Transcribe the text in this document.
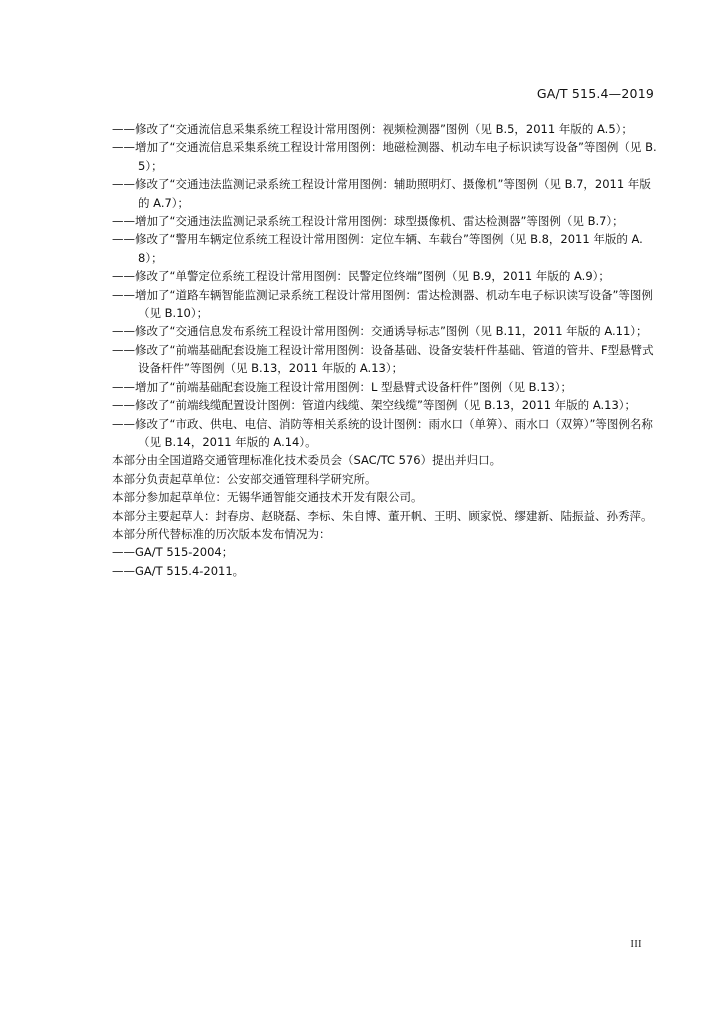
GA/T 515.4—2019
——修改了“交通流信息采集系统工程设计常用图例：视频检测器”图例（见 B.5，2011 年版的 A.5）；
——增加了“交通流信息采集系统工程设计常用图例：地磁检测器、机动车电子标识读写设备”等图例（见 B.5）；
——修改了“交通违法监测记录系统工程设计常用图例：辅助照明灯、摄像机”等图例（见 B.7，2011 年版的 A.7）；
——增加了“交通违法监测记录系统工程设计常用图例：球型摄像机、雷达检测器”等图例（见 B.7）；
——修改了“警用车辆定位系统工程设计常用图例：定位车辆、车载台”等图例（见 B.8，2011 年版的 A.8）；
——修改了“单警定位系统工程设计常用图例：民警定位终端”图例（见 B.9，2011 年版的 A.9）；
——增加了“道路车辆智能监测记录系统工程设计常用图例：雷达检测器、机动车电子标识读写设备”等图例（见 B.10）；
——修改了“交通信息发布系统工程设计常用图例：交通诱导标志”图例（见 B.11，2011 年版的 A.11）；
——修改了“前端基础配套设施工程设计常用图例：设备基础、设备安装杆件基础、管道的管井、F型悬臂式设备杆件”等图例（见 B.13，2011 年版的 A.13）；
——增加了“前端基础配套设施工程设计常用图例：L 型悬臂式设备杆件”图例（见 B.13）；
——修改了“前端线缆配置设计图例：管道内线缆、架空线缆”等图例（见 B.13，2011 年版的 A.13）；
——修改了“市政、供电、电信、消防等相关系统的设计图例：雨水口（单箅）、雨水口（双箅）”等图例名称（见 B.14，2011 年版的 A.14）。
本部分由全国道路交通管理标准化技术委员会（SAC/TC 576）提出并归口。
本部分负责起草单位：公安部交通管理科学研究所。
本部分参加起草单位：无锡华通智能交通技术开发有限公司。
本部分主要起草人：封春房、赵晓磊、李标、朱自博、董开帆、王明、顾家悦、缪建新、陆振益、孙秀萍。
本部分所代替标准的历次版本发布情况为：
——GA/T 515-2004；
——GA/T 515.4-2011。
III
